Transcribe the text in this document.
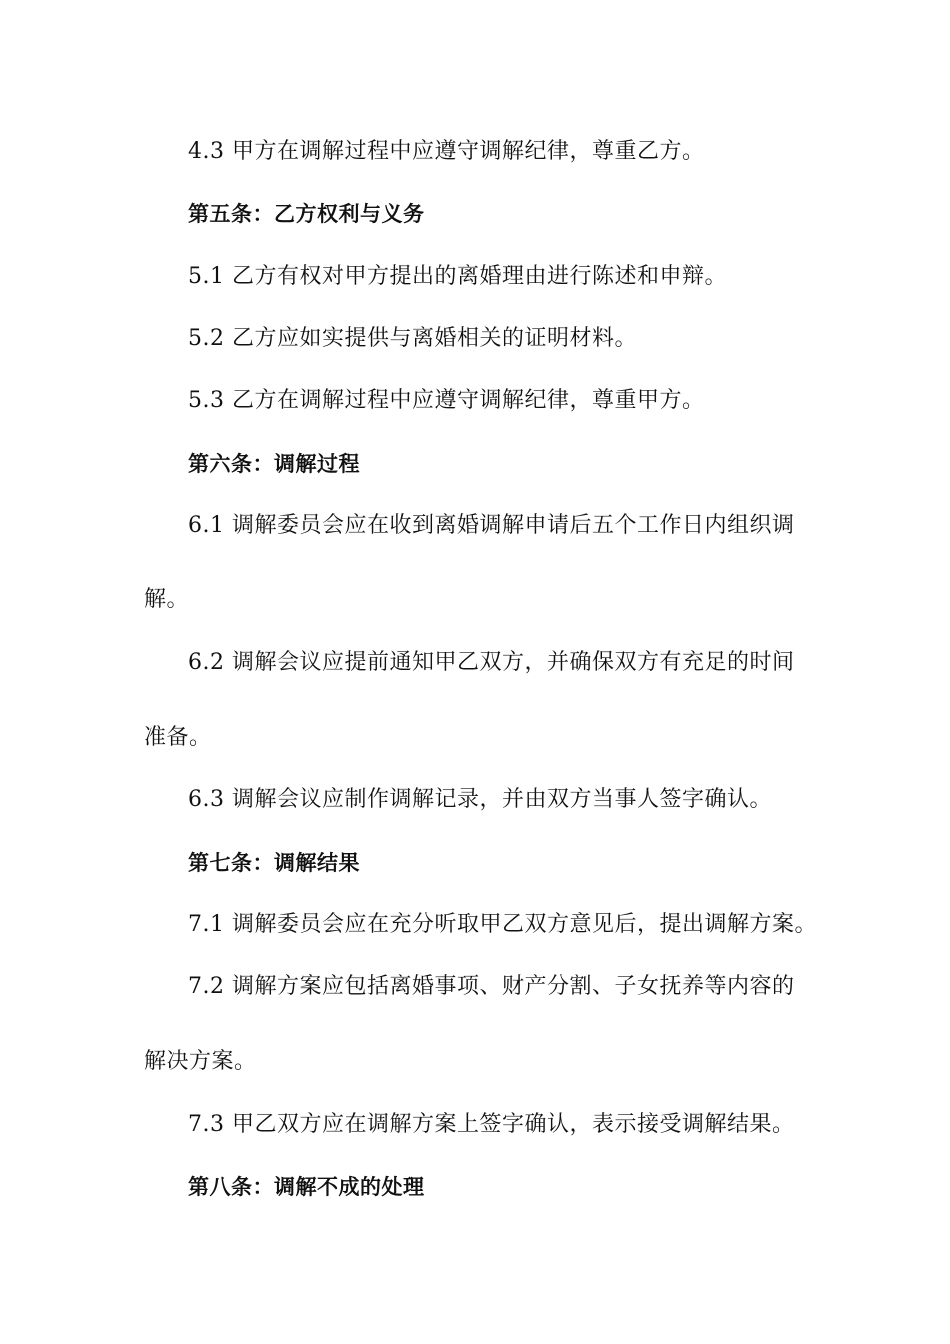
4.3 甲方在调解过程中应遵守调解纪律，尊重乙方。

第五条：乙方权利与义务

5.1 乙方有权对甲方提出的离婚理由进行陈述和申辩。

5.2 乙方应如实提供与离婚相关的证明材料。

5.3 乙方在调解过程中应遵守调解纪律，尊重甲方。

第六条：调解过程

6.1 调解委员会应在收到离婚调解申请后五个工作日内组织调

解。

6.2 调解会议应提前通知甲乙双方，并确保双方有充足的时间

准备。

6.3 调解会议应制作调解记录，并由双方当事人签字确认。

第七条：调解结果

7.1 调解委员会应在充分听取甲乙双方意见后，提出调解方案。

7.2 调解方案应包括离婚事项、财产分割、子女抚养等内容的

解决方案。

7.3 甲乙双方应在调解方案上签字确认，表示接受调解结果。

第八条：调解不成的处理
